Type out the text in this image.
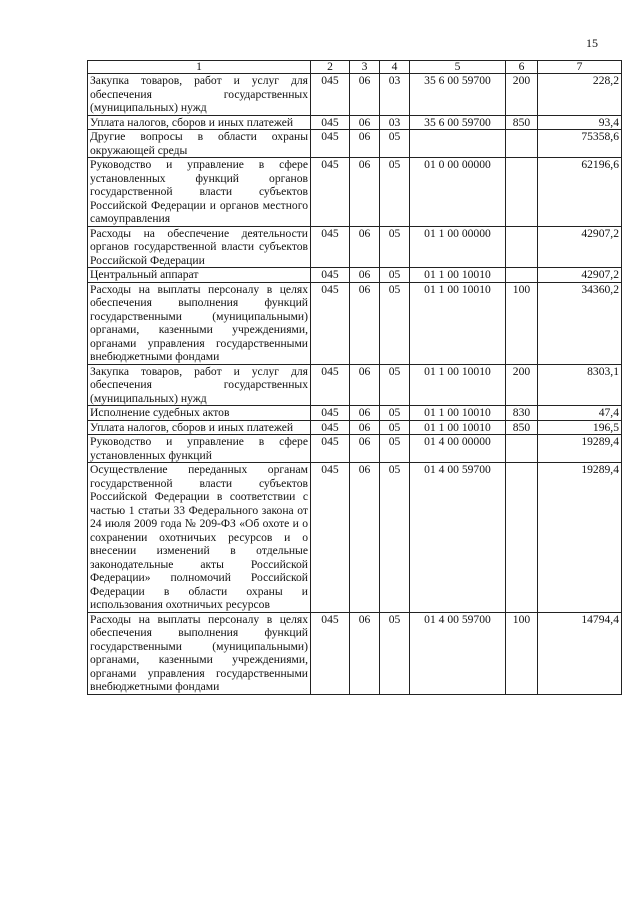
15
1	2	3	4	5	6	7
Закупка товаров, работ и услуг для обеспечения государственных (муниципальных) нужд	045	06	03	35 6 00 59700	200	228,2
Уплата налогов, сборов и иных платежей	045	06	03	35 6 00 59700	850	93,4
Другие вопросы в области охраны окружающей среды	045	06	05			75358,6
Руководство и управление в сфере установленных функций органов государственной власти субъектов Российской Федерации и органов местного самоуправления	045	06	05	01 0 00 00000		62196,6
Расходы на обеспечение деятельности органов государственной власти субъектов Российской Федерации	045	06	05	01 1 00 00000		42907,2
Центральный аппарат	045	06	05	01 1 00 10010		42907,2
Расходы на выплаты персоналу в целях обеспечения выполнения функций государственными (муниципальными) органами, казенными учреждениями, органами управления государственными внебюджетными фондами	045	06	05	01 1 00 10010	100	34360,2
Закупка товаров, работ и услуг для обеспечения государственных (муниципальных) нужд	045	06	05	01 1 00 10010	200	8303,1
Исполнение судебных актов	045	06	05	01 1 00 10010	830	47,4
Уплата налогов, сборов и иных платежей	045	06	05	01 1 00 10010	850	196,5
Руководство и управление в сфере установленных функций	045	06	05	01 4 00 00000		19289,4
Осуществление переданных органам государственной власти субъектов Российской Федерации в соответствии с частью 1 статьи 33 Федерального закона от 24 июля 2009 года № 209-ФЗ «Об охоте и о сохранении охотничьих ресурсов и о внесении изменений в отдельные законодательные акты Российской Федерации» полномочий Российской Федерации в области охраны и использования охотничьих ресурсов	045	06	05	01 4 00 59700		19289,4
Расходы на выплаты персоналу в целях обеспечения выполнения функций государственными (муниципальными) органами, казенными учреждениями, органами управления государственными внебюджетными фондами	045	06	05	01 4 00 59700	100	14794,4
